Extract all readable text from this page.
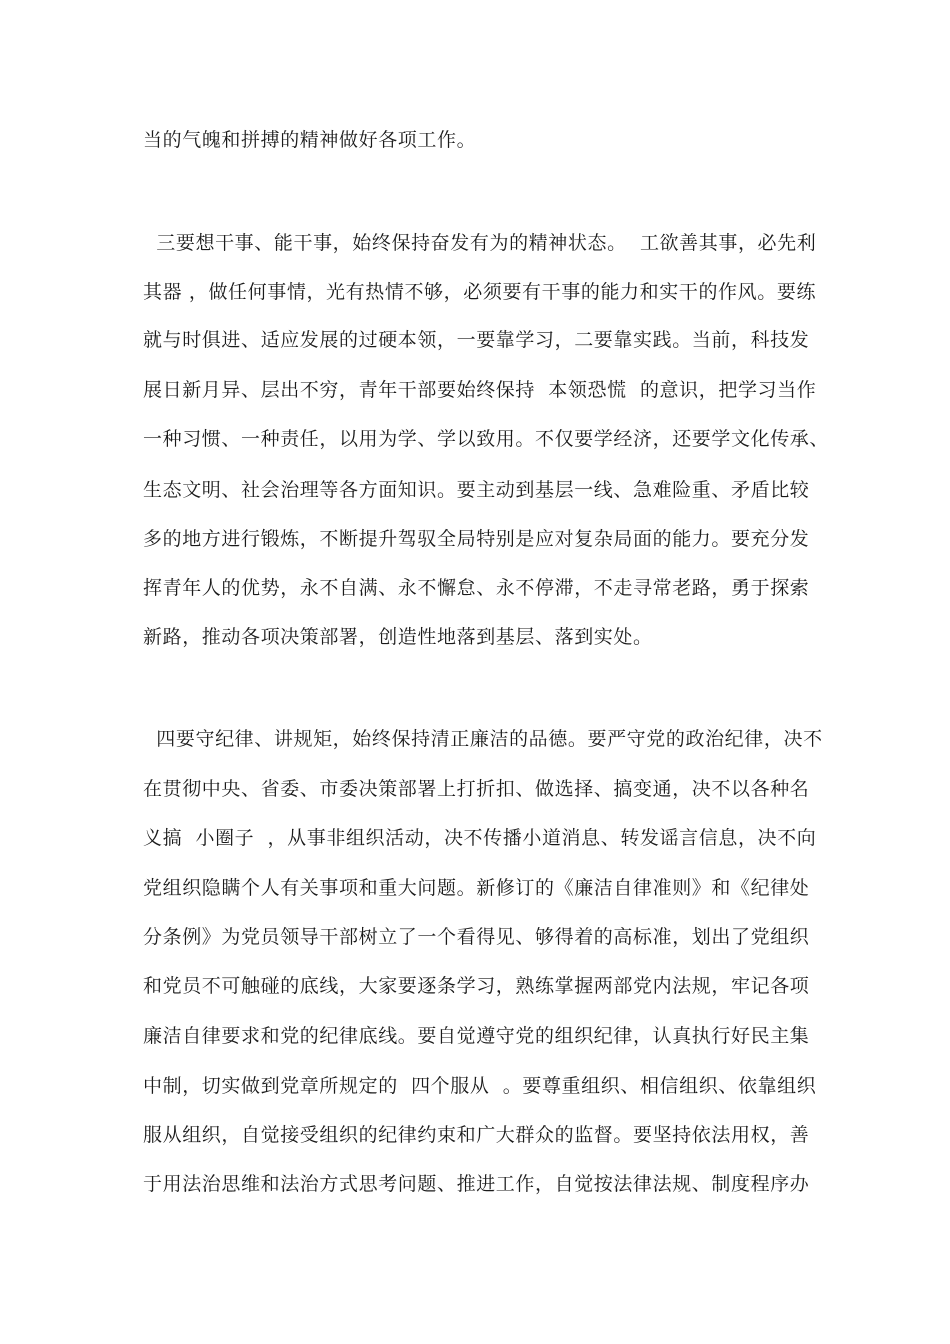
当的气魄和拼搏的精神做好各项工作。
三要想干事、能干事，始终保持奋发有为的精神状态。  工欲善其事，必先利
其器 ，做任何事情，光有热情不够，必须要有干事的能力和实干的作风。要练
就与时俱进、适应发展的过硬本领，一要靠学习，二要靠实践。当前，科技发
展日新月异、层出不穷，青年干部要始终保持  本领恐慌  的意识，把学习当作
一种习惯、一种责任，以用为学、学以致用。不仅要学经济，还要学文化传承、
生态文明、社会治理等各方面知识。要主动到基层一线、急难险重、矛盾比较
多的地方进行锻炼，不断提升驾驭全局特别是应对复杂局面的能力。要充分发
挥青年人的优势，永不自满、永不懈怠、永不停滞，不走寻常老路，勇于探索
新路，推动各项决策部署，创造性地落到基层、落到实处。
四要守纪律、讲规矩，始终保持清正廉洁的品德。要严守党的政治纪律，决不
在贯彻中央、省委、市委决策部署上打折扣、做选择、搞变通，决不以各种名
义搞  小圈子  ，从事非组织活动，决不传播小道消息、转发谣言信息，决不向
党组织隐瞒个人有关事项和重大问题。新修订的《廉洁自律准则》和《纪律处
分条例》为党员领导干部树立了一个看得见、够得着的高标准，划出了党组织
和党员不可触碰的底线，大家要逐条学习，熟练掌握两部党内法规，牢记各项
廉洁自律要求和党的纪律底线。要自觉遵守党的组织纪律，认真执行好民主集
中制，切实做到党章所规定的  四个服从  。要尊重组织、相信组织、依靠组织
服从组织，自觉接受组织的纪律约束和广大群众的监督。要坚持依法用权，善
于用法治思维和法治方式思考问题、推进工作，自觉按法律法规、制度程序办
